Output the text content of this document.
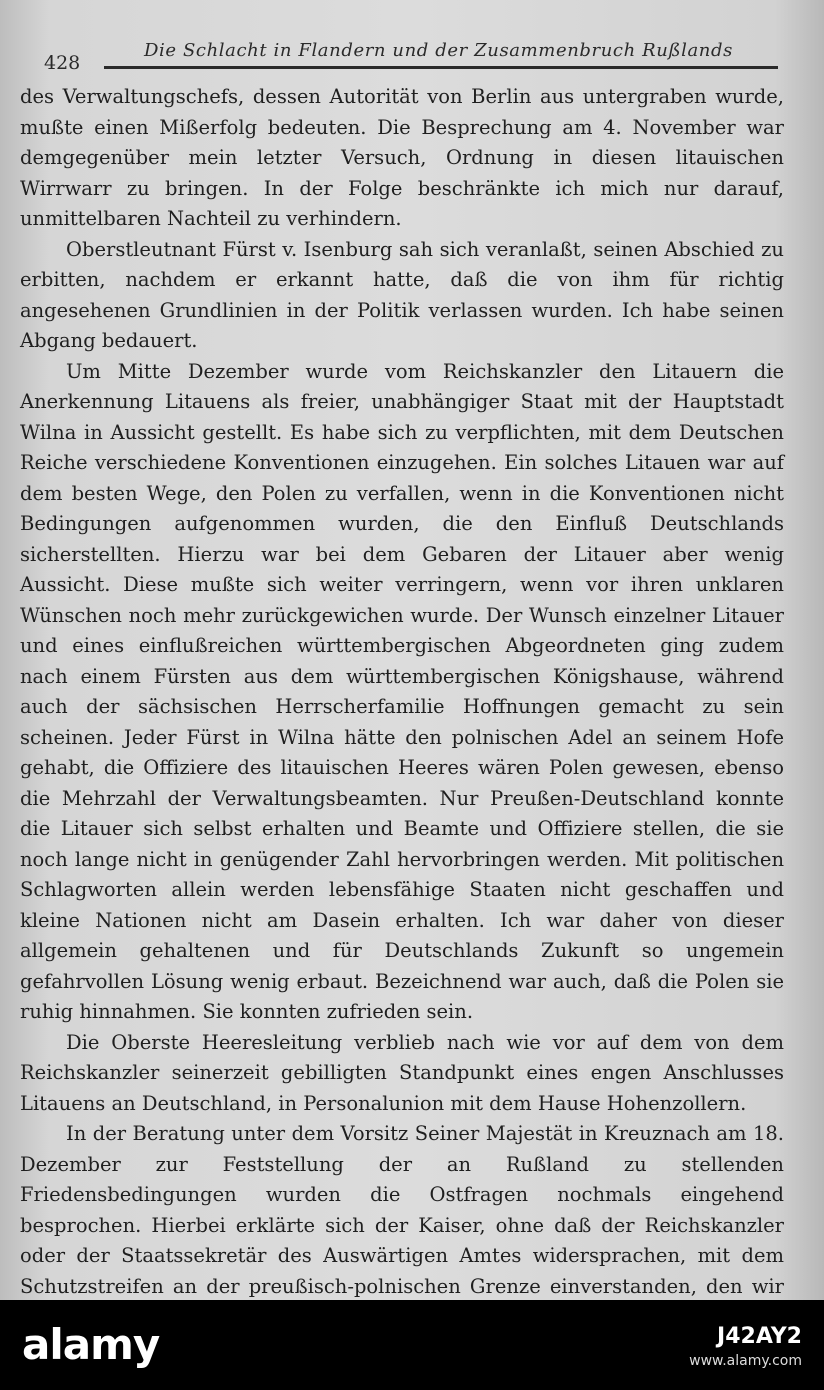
428
Die Schlacht in Flandern und der Zusammenbruch Rußlands

des Verwaltungschefs, dessen Autorität von Berlin aus untergraben wurde, mußte einen Mißerfolg bedeuten. Die Besprechung am 4. November war demgegenüber mein letzter Versuch, Ordnung in diesen litauischen Wirrwarr zu bringen. In der Folge beschränkte ich mich nur darauf, unmittelbaren Nachteil zu verhindern.

Oberstleutnant Fürst v. Isenburg sah sich veranlaßt, seinen Abschied zu erbitten, nachdem er erkannt hatte, daß die von ihm für richtig angesehenen Grundlinien in der Politik verlassen wurden. Ich habe seinen Abgang bedauert.

Um Mitte Dezember wurde vom Reichskanzler den Litauern die Anerkennung Litauens als freier, unabhängiger Staat mit der Hauptstadt Wilna in Aussicht gestellt. Es habe sich zu verpflichten, mit dem Deutschen Reiche verschiedene Konventionen einzugehen. Ein solches Litauen war auf dem besten Wege, den Polen zu verfallen, wenn in die Konventionen nicht Bedingungen aufgenommen wurden, die den Einfluß Deutschlands sicherstellten. Hierzu war bei dem Gebaren der Litauer aber wenig Aussicht. Diese mußte sich weiter verringern, wenn vor ihren unklaren Wünschen noch mehr zurückgewichen wurde. Der Wunsch einzelner Litauer und eines einflußreichen württembergischen Abgeordneten ging zudem nach einem Fürsten aus dem württembergischen Königshause, während auch der sächsischen Herrscherfamilie Hoffnungen gemacht zu sein scheinen. Jeder Fürst in Wilna hätte den polnischen Adel an seinem Hofe gehabt, die Offiziere des litauischen Heeres wären Polen gewesen, ebenso die Mehrzahl der Verwaltungsbeamten. Nur Preußen-Deutschland konnte die Litauer sich selbst erhalten und Beamte und Offiziere stellen, die sie noch lange nicht in genügender Zahl hervorbringen werden. Mit politischen Schlagworten allein werden lebensfähige Staaten nicht geschaffen und kleine Nationen nicht am Dasein erhalten. Ich war daher von dieser allgemein gehaltenen und für Deutschlands Zukunft so ungemein gefahrvollen Lösung wenig erbaut. Bezeichnend war auch, daß die Polen sie ruhig hinnahmen. Sie konnten zufrieden sein.

Die Oberste Heeresleitung verblieb nach wie vor auf dem von dem Reichskanzler seinerzeit gebilligten Standpunkt eines engen Anschlusses Litauens an Deutschland, in Personalunion mit dem Hause Hohenzollern.

In der Beratung unter dem Vorsitz Seiner Majestät in Kreuznach am 18. Dezember zur Feststellung der an Rußland zu stellenden Friedensbedingungen wurden die Ostfragen nochmals eingehend besprochen. Hierbei erklärte sich der Kaiser, ohne daß der Reichskanzler oder der Staatssekretär des Auswärtigen Amtes widersprachen, mit dem Schutzstreifen an der preußisch-polnischen Grenze einverstanden, den wir

alamy	J42AY2
www.alamy.com
